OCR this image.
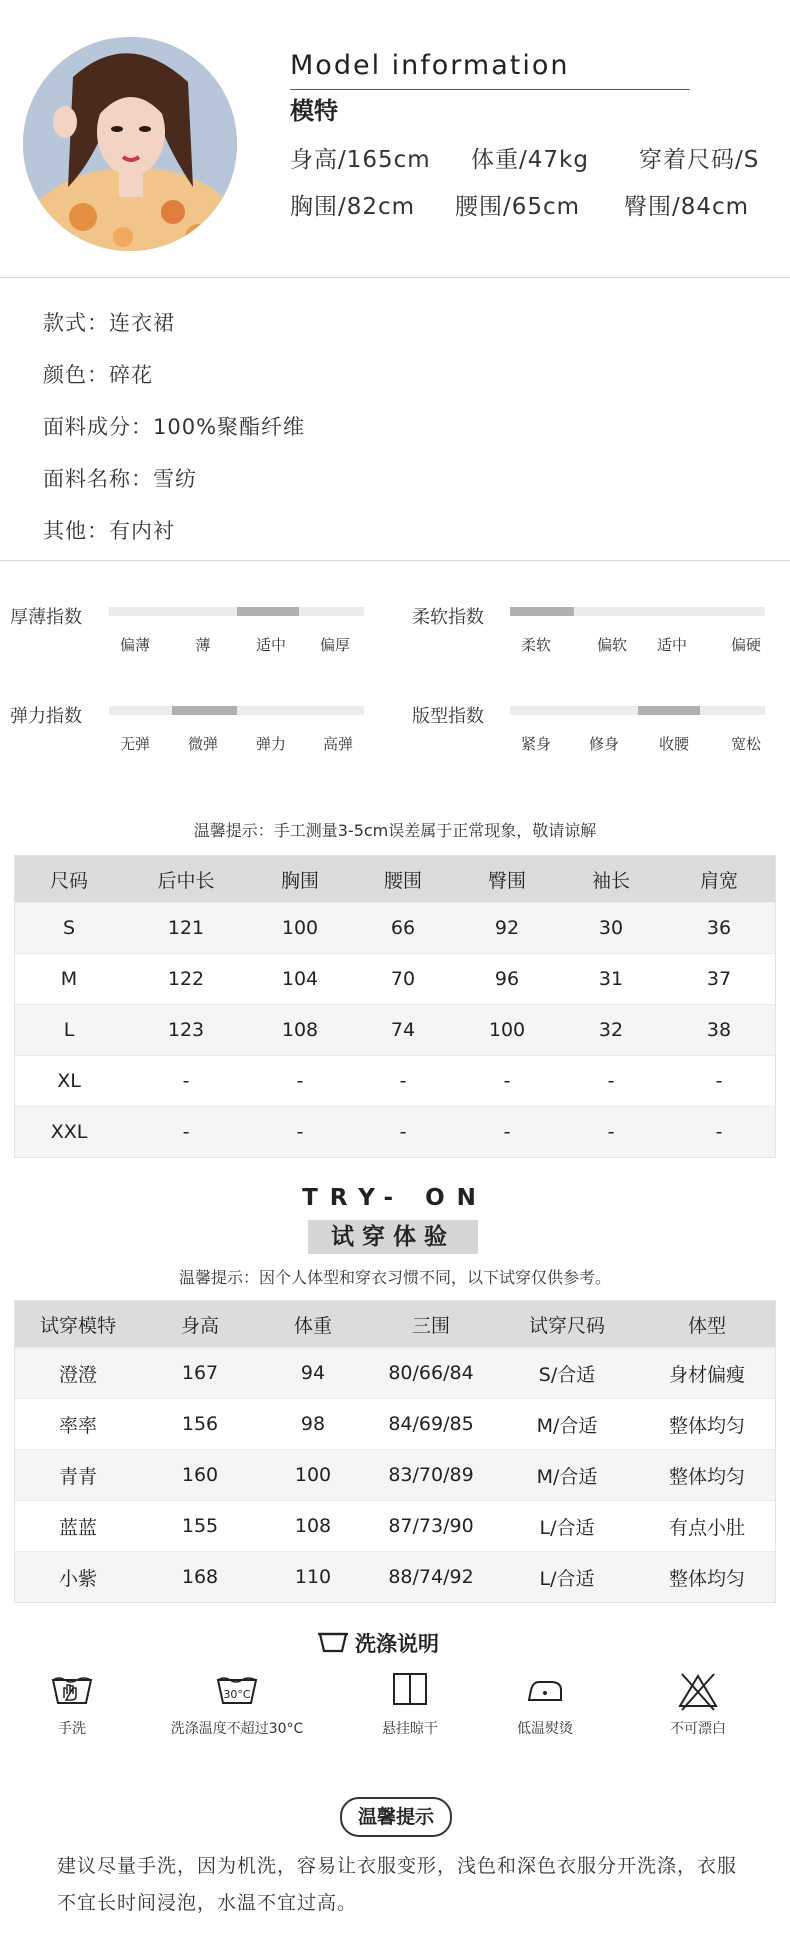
Model information
模特
身高/165cm 体重/47kg 穿着尺码/S
胸围/82cm 腰围/65cm 臀围/84cm
款式：连衣裙
颜色：碎花
面料成分：100%聚酯纤维
面料名称：雪纺
其他：有内衬
厚薄指数
偏薄	薄	适中	偏厚
柔软指数
柔软	偏软	适中	偏硬
弹力指数
无弹	微弹	弹力	高弹
版型指数
紧身	修身	收腰	宽松
温馨提示：手工测量3-5cm误差属于正常现象，敬请谅解
尺码	后中长	胸围	腰围	臀围	袖长	肩宽
S	121	100	66	92	30	36
M	122	104	70	96	31	37
L	123	108	74	100	32	38
XL	-	-	-	-	-	-
XXL	-	-	-	-	-	-
TRY- ON
试穿体验
温馨提示：因个人体型和穿衣习惯不同，以下试穿仅供参考。
试穿模特	身高	体重	三围	试穿尺码	体型
澄澄	167	94	80/66/84	S/合适	身材偏瘦
率率	156	98	84/69/85	M/合适	整体均匀
青青	160	100	83/70/89	M/合适	整体均匀
蓝蓝	155	108	87/73/90	L/合适	有点小肚
小紫	168	110	88/74/92	L/合适	整体均匀
洗涤说明
手洗
30°C
洗涤温度不超过30°C	悬挂晾干	低温熨烫	不可漂白
温馨提示
建议尽量手洗，因为机洗，容易让衣服变形，浅色和深色衣服分开洗涤，衣服不宜长时间浸泡，水温不宜过高。
